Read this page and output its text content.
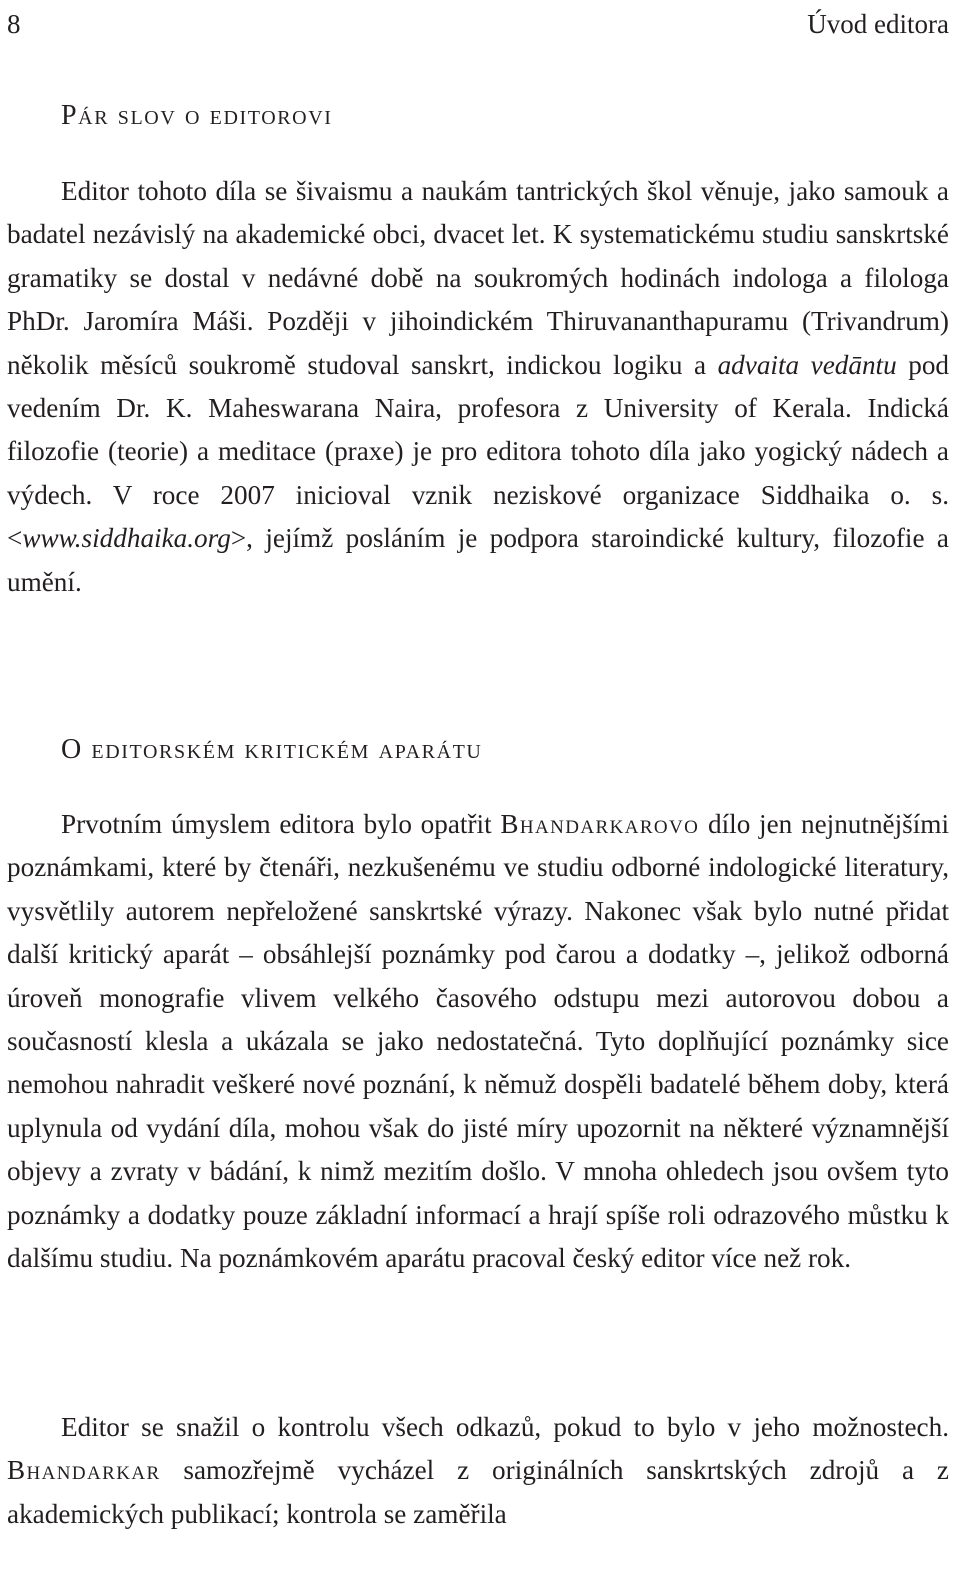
8	Úvod editora
Pár slov o editorovi

Editor tohoto díla se šivaismu a naukám tantrických škol věnuje, jako samouk a badatel nezávislý na akademické obci, dvacet let. K systematickému studiu sanskrtské gramatiky se dostal v nedávné době na soukromých hodinách indologa a filologa PhDr. Jaromíra Máši. Později v jihoindickém Thiruvananthapuramu (Trivandrum) několik měsíců soukromě studoval sanskrt, indickou logiku a advaita vedāntu pod vedením Dr. K. Maheswarana Naira, profesora z University of Kerala. Indická filozofie (teorie) a meditace (praxe) je pro editora tohoto díla jako yogický nádech a výdech. V roce 2007 inicioval vznik neziskové organizace Siddhaika o. s. <www.siddhaika.org>, jejímž posláním je podpora staroindické kultury, filozofie a umění.

O editorském kritickém aparátu

Prvotním úmyslem editora bylo opatřit Bhandarkarovo dílo jen nejnutnějšími poznámkami, které by čtenáři, nezkušenému ve studiu odborné indologické literatury, vysvětlily autorem nepřeložené sanskrtské výrazy. Nakonec však bylo nutné přidat další kritický aparát – obsáhlejší poznámky pod čarou a dodatky –, jelikož odborná úroveň monografie vlivem velkého časového odstupu mezi autorovou dobou a současností klesla a ukázala se jako nedostatečná. Tyto doplňující poznámky sice nemohou nahradit veškeré nové poznání, k němuž dospěli badatelé během doby, která uplynula od vydání díla, mohou však do jisté míry upozornit na některé významnější objevy a zvraty v bádání, k nimž mezitím došlo. V mnoha ohledech jsou ovšem tyto poznámky a dodatky pouze základní informací a hrají spíše roli odrazového můstku k dalšímu studiu. Na poznámkovém aparátu pracoval český editor více než rok.

Editor se snažil o kontrolu všech odkazů, pokud to bylo v jeho možnostech. Bhandarkar samozřejmě vycházel z originálních sanskrtských zdrojů a z akademických publikací; kontrola se zaměřila
